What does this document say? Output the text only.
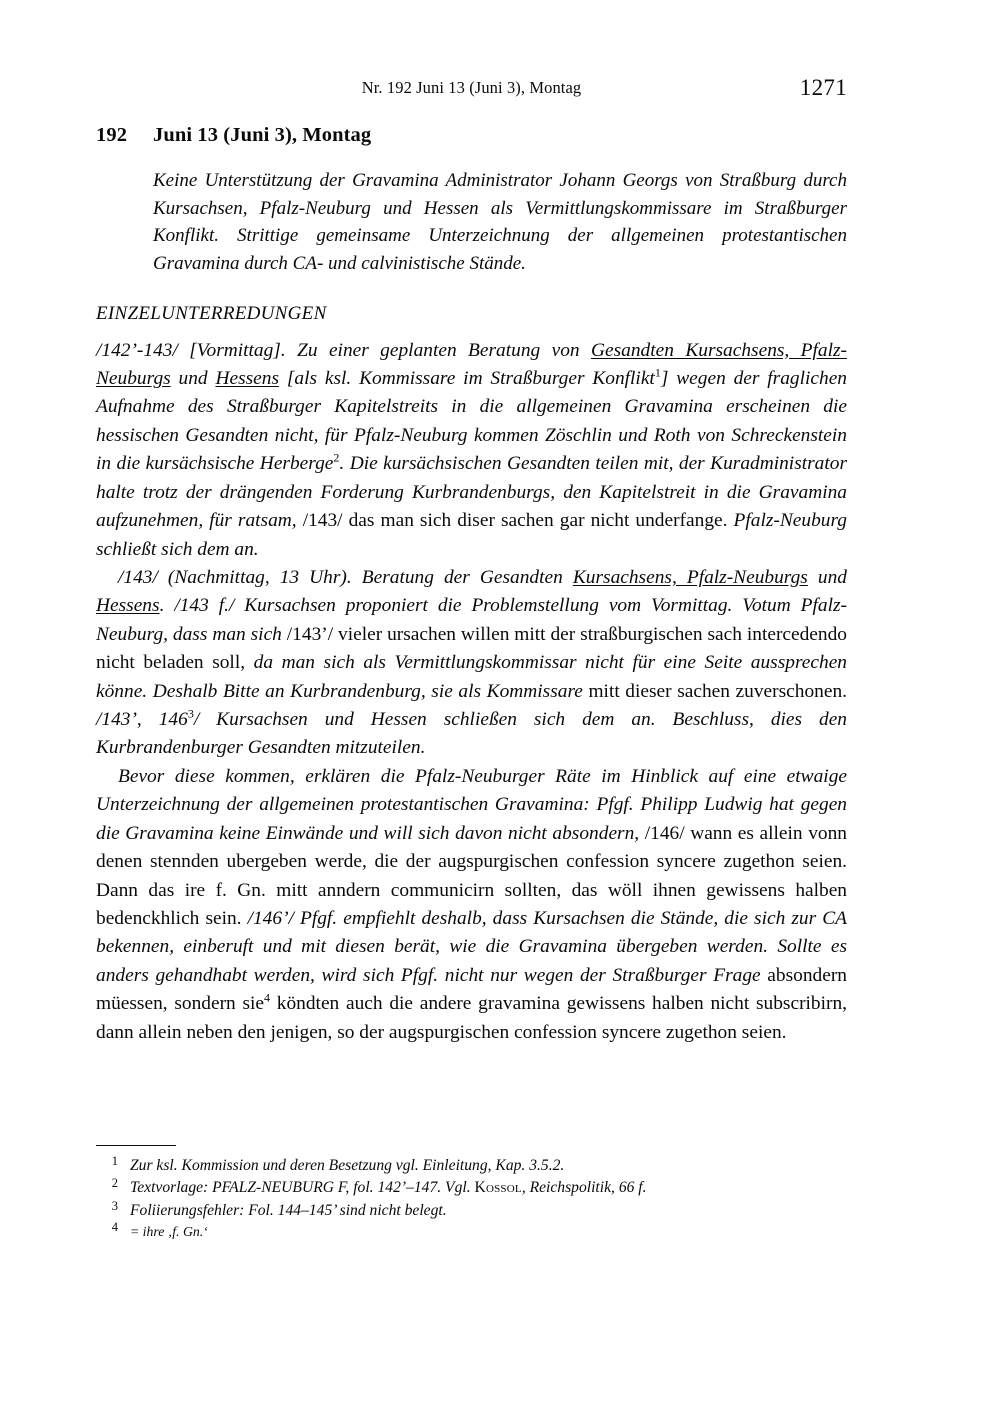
Nr. 192 Juni 13 (Juni 3), Montag	1271
192	Juni 13 (Juni 3), Montag
Keine Unterstützung der Gravamina Administrator Johann Georgs von Straßburg durch Kursachsen, Pfalz-Neuburg und Hessen als Vermittlungskommissare im Straßburger Konflikt. Strittige gemeinsame Unterzeichnung der allgemeinen protestantischen Gravamina durch CA- und calvinistische Stände.
EINZELUNTERREDUNGEN

/142’-143/ [Vormittag]. Zu einer geplanten Beratung von Gesandten Kursachsens, Pfalz-Neuburgs und Hessens [als ksl. Kommissare im Straßburger Konflikt$^1$] wegen der fraglichen Aufnahme des Straßburger Kapitelstreits in die allgemeinen Gravamina erscheinen die hessischen Gesandten nicht, für Pfalz-Neuburg kommen Zöschlin und Roth von Schreckenstein in die kursächsische Herberge$^2$. Die kursächsischen Gesandten teilen mit, der Kuradministrator halte trotz der drängenden Forderung Kurbrandenburgs, den Kapitelstreit in die Gravamina aufzunehmen, für ratsam, /143/ das man sich diser sachen gar nicht underfange. Pfalz-Neuburg schließt sich dem an.

/143/ (Nachmittag, 13 Uhr). Beratung der Gesandten Kursachsens, Pfalz-Neuburgs und Hessens. /143 f./ Kursachsen proponiert die Problemstellung vom Vormittag. Votum Pfalz-Neuburg, dass man sich /143’/ vieler ursachen willen mitt der straßburgischen sach intercedendo nicht beladen soll, da man sich als Vermittlungskommissar nicht für eine Seite aussprechen könne. Deshalb Bitte an Kurbrandenburg, sie als Kommissare mitt dieser sachen zuverschonen. /143’, 146$^3$/ Kursachsen und Hessen schließen sich dem an. Beschluss, dies den Kurbrandenburger Gesandten mitzuteilen.

Bevor diese kommen, erklären die Pfalz-Neuburger Räte im Hinblick auf eine etwaige Unterzeichnung der allgemeinen protestantischen Gravamina: Pfgf. Philipp Ludwig hat gegen die Gravamina keine Einwände und will sich davon nicht absondern, /146/ wann es allein vonn denen stennden ubergeben werde, die der augspurgischen confession syncere zugethon seien. Dann das ire f. Gn. mitt anndern communicirn sollten, das wöll ihnen gewissens halben bedenckhlich sein. /146’/ Pfgf. empfiehlt deshalb, dass Kursachsen die Stände, die sich zur CA bekennen, einberuft und mit diesen berät, wie die Gravamina übergeben werden. Sollte es anders gehandhabt werden, wird sich Pfgf. nicht nur wegen der Straßburger Frage absondern müessen, sondern sie$^4$ köndten auch die andere gravamina gewissens halben nicht subscribirn, dann allein neben den jenigen, so der augspurgischen confession syncere zugethon seien.

1 Zur ksl. Kommission und deren Besetzung vgl. Einleitung, Kap. 3.5.2.
2 Textvorlage: PFALZ-NEUBURG F, fol. 142’–147. Vgl. Kossol, Reichspolitik, 66 f.
3 Foliierungsfehler: Fol. 144–145’ sind nicht belegt.
4 = ihre ‚f. Gn.‘
